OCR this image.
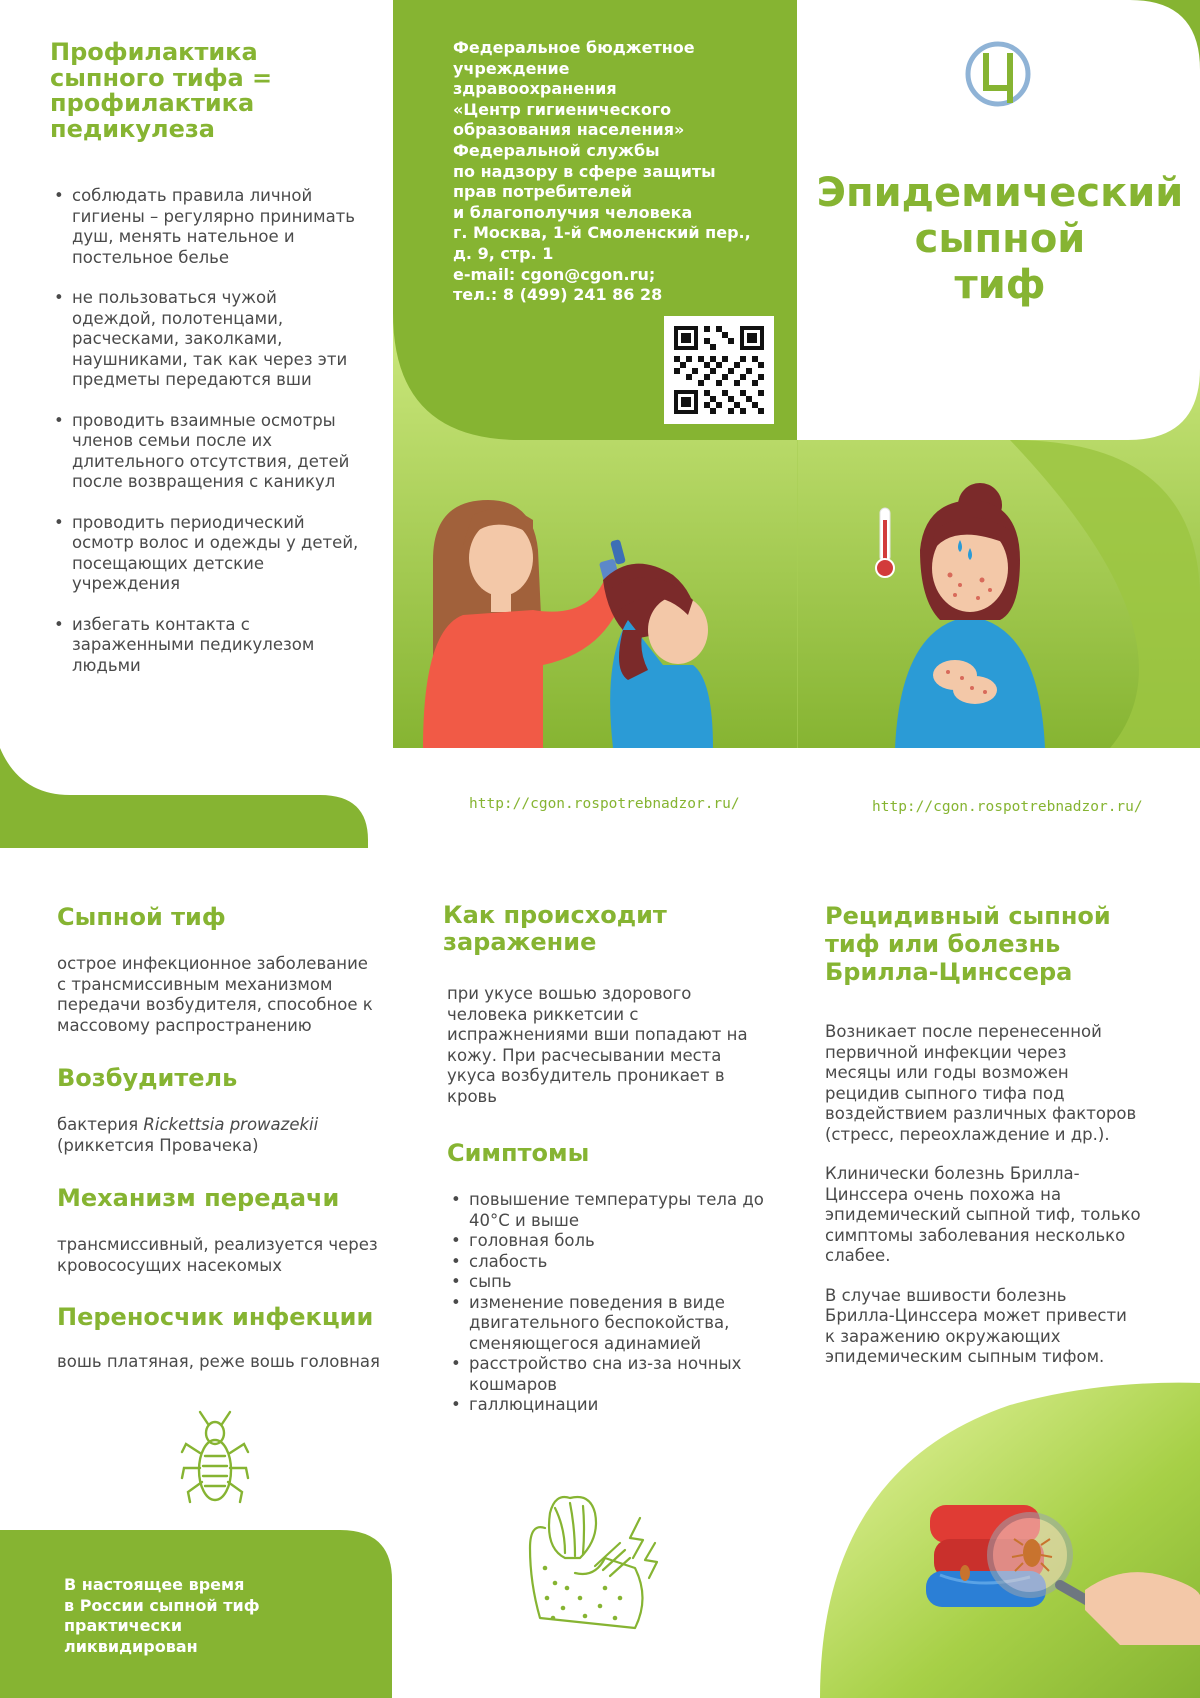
Профилактика
сыпного тифа =
профилактика
педикулеза
• соблюдать правила личной
гигиены – регулярно принимать
душ, менять нательное и
постельное белье
• не пользоваться чужой
одеждой, полотенцами,
расческами, заколками,
наушниками, так как через эти
предметы передаются вши
• проводить взаимные осмотры
членов семьи после их
длительного отсутствия, детей
после возвращения с каникул
• проводить периодический
осмотр волос и одежды у детей,
посещающих детские
учреждения
• избегать контакта с
зараженными педикулезом
людьми
Федеральное бюджетное
учреждение
здравоохранения
«Центр гигиенического
образования населения»
Федеральной службы
по надзору в сфере защиты
прав потребителей
и благополучия человека
г. Москва, 1-й Смоленский пер.,
д. 9, стр. 1
e-mail: cgon@cgon.ru;
тел.: 8 (499) 241 86 28
Эпидемический
сыпной
тиф
http://cgon.rospotrebnadzor.ru/	http://cgon.rospotrebnadzor.ru/
Сыпной тиф
острое инфекционное заболевание
с трансмиссивным механизмом
передачи возбудителя, способное к
массовому распространению
Возбудитель
бактерия Rickettsia prowazekii
(риккетсия Провачека)
Механизм передачи
трансмиссивный, реализуется через
кровососущих насекомых
Переносчик инфекции
вошь платяная, реже вошь головная
В настоящее время
в России сыпной тиф
практически
ликвидирован
Как происходит
заражение
при укусе вошью здорового
человека риккетсии с
испражнениями вши попадают на
кожу. При расчесывании места
укуса возбудитель проникает в
кровь
Симптомы
• повышение температуры тела до
40°C и выше
• головная боль
• слабость
• сыпь
• изменение поведения в виде
двигательного беспокойства,
сменяющегося адинамией
• расстройство сна из-за ночных
кошмаров
• галлюцинации
Рецидивный сыпной
тиф или болезнь
Брилла-Цинссера
Возникает после перенесенной
первичной инфекции через
месяцы или годы возможен
рецидив сыпного тифа под
воздействием различных факторов
(стресс, переохлаждение и др.).
Клинически болезнь Брилла-
Цинссера очень похожа на
эпидемический сыпной тиф, только
симптомы заболевания несколько
слабее.
В случае вшивости болезнь
Брилла-Цинссера может привести
к заражению окружающих
эпидемическим сыпным тифом.
